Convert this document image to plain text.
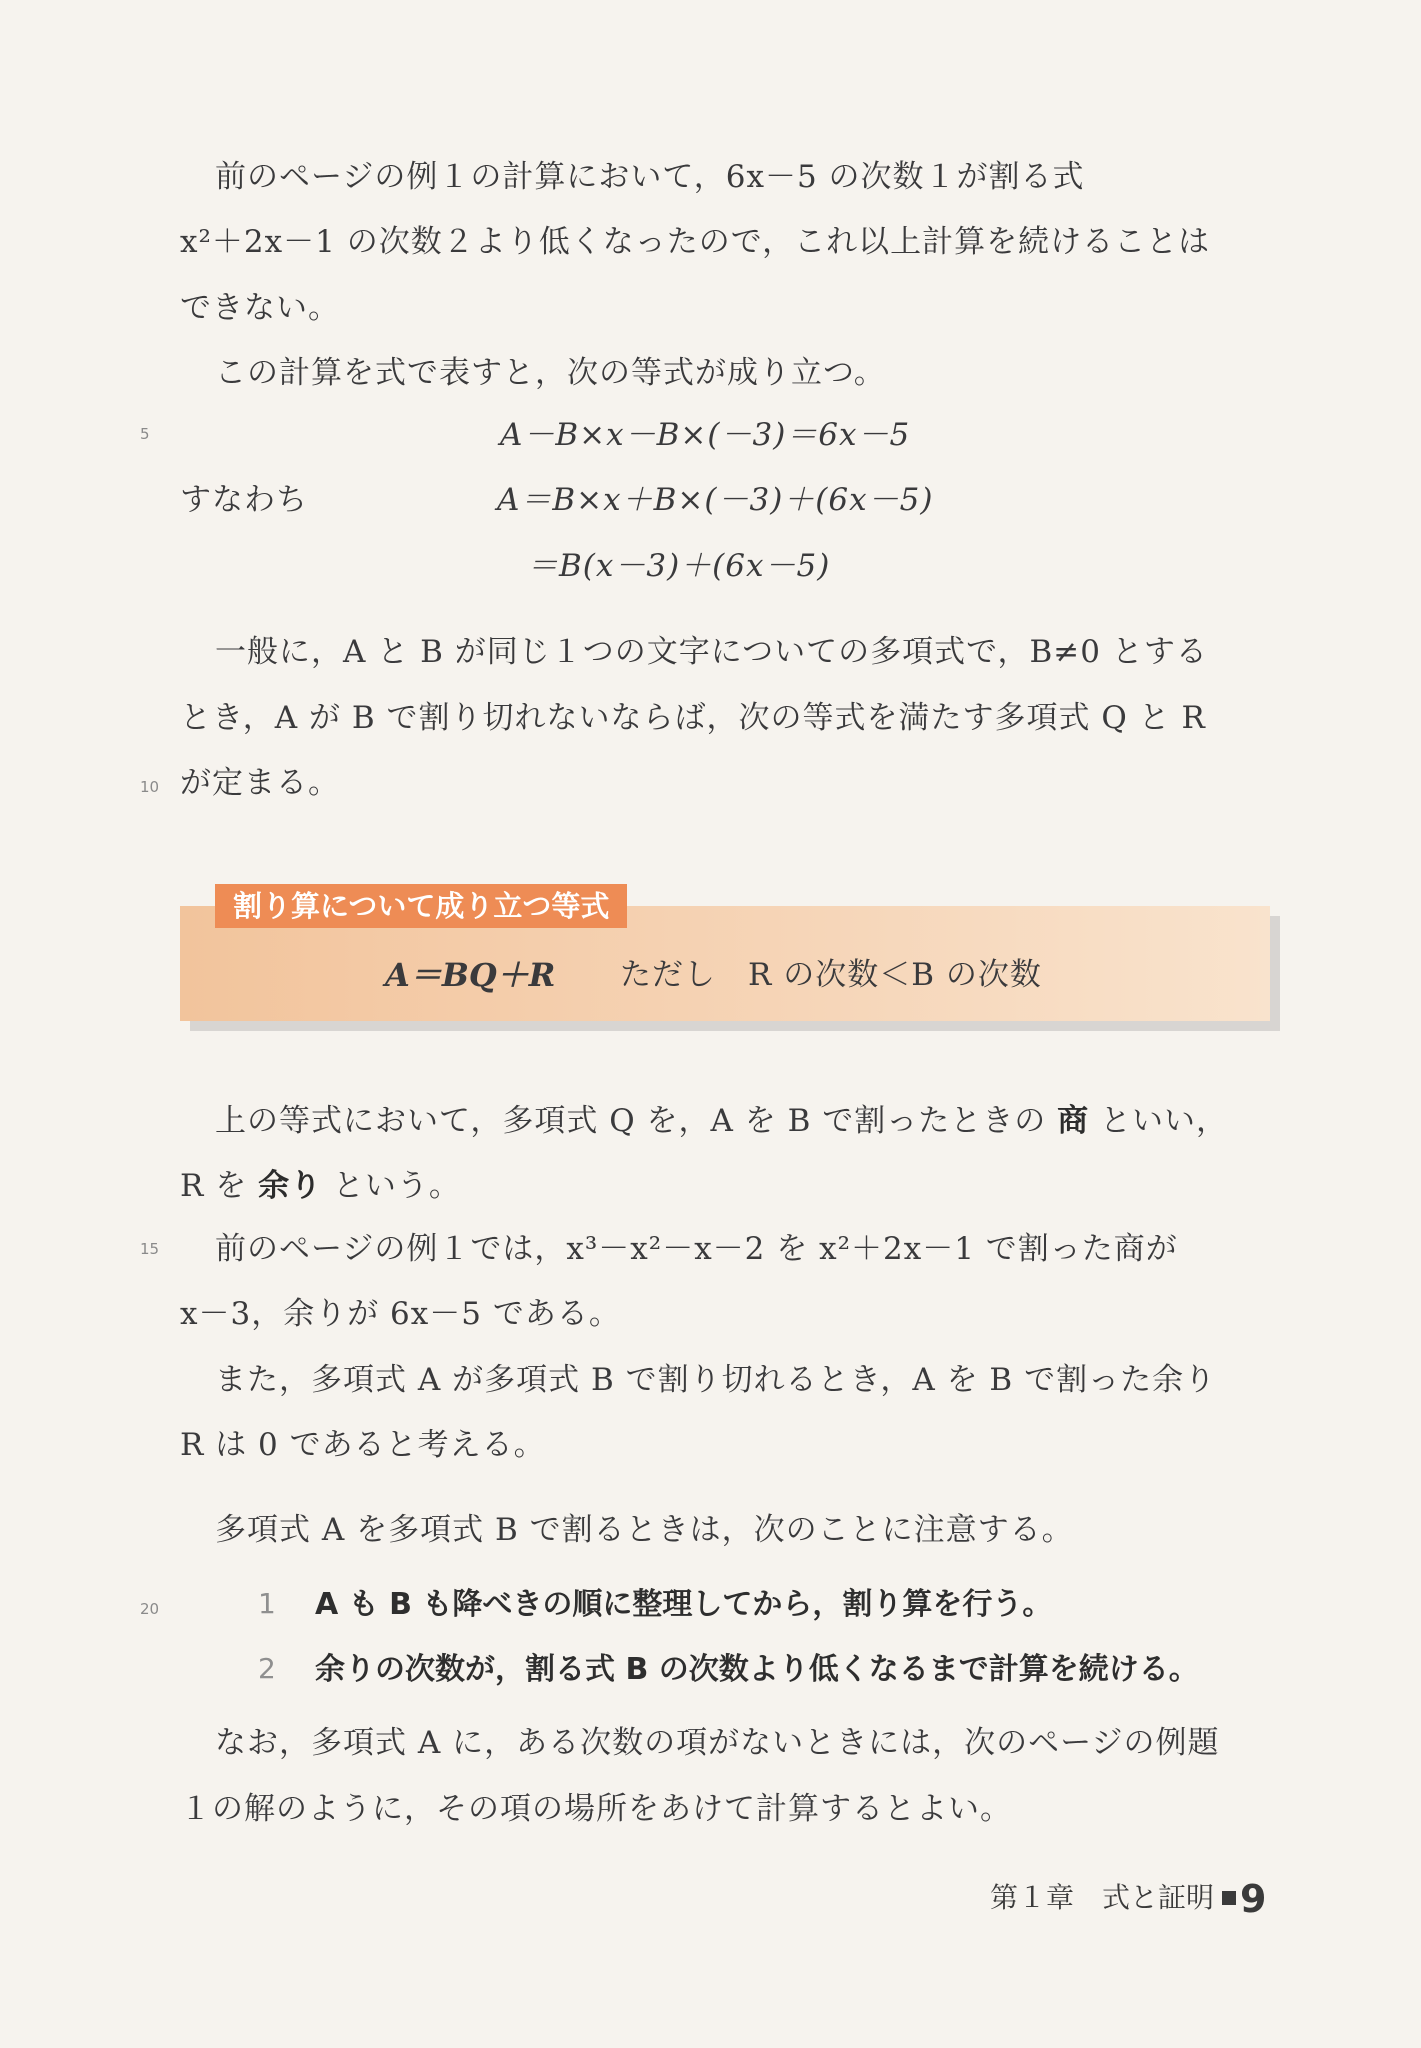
5
10
15
20
前のページの例１の計算において，6x－5 の次数１が割る式
x²＋2x－1 の次数２より低くなったので，これ以上計算を続けることは
できない。
この計算を式で表すと，次の等式が成り立つ。
A－B×x－B×(－3)＝6x－5
すなわち	A＝B×x＋B×(－3)＋(6x－5)
＝B(x－3)＋(6x－5)
一般に，A と B が同じ１つの文字についての多項式で，B≠0 とする
とき，A が B で割り切れないならば，次の等式を満たす多項式 Q と R
が定まる。
割り算について成り立つ等式
A＝BQ＋R ただし　R の次数＜B の次数
上の等式において，多項式 Q を，A を B で割ったときの 商 といい，
R を 余り という。
前のページの例１では，x³－x²－x－2 を x²＋2x－1 で割った商が
x－3，余りが 6x－5 である。
また，多項式 A が多項式 B で割り切れるとき，A を B で割った余り
R は 0 であると考える。
多項式 A を多項式 B で割るときは，次のことに注意する。
1 A も B も降べきの順に整理してから，割り算を行う。
2 余りの次数が，割る式 B の次数より低くなるまで計算を続ける。
なお，多項式 A に，ある次数の項がないときには，次のページの例題
１の解のように，その項の場所をあけて計算するとよい。
第１章　式と証明 9
